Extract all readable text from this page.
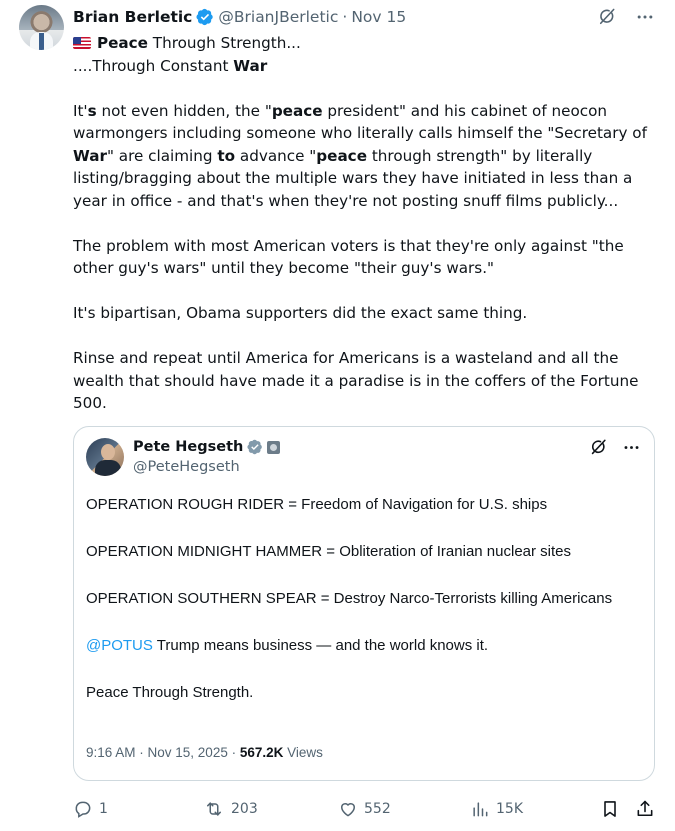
Brian Berletic @BrianJBerletic · Nov 15

Peace Through Strength...

....Through Constant War

It's not even hidden, the "peace president" and his cabinet of neocon warmongers including someone who literally calls himself the "Secretary of War" are claiming to advance "peace through strength" by literally listing/bragging about the multiple wars they have initiated in less than a year in office - and that's when they're not posting snuff films publicly...

The problem with most American voters is that they're only against "the other guy's wars" until they become "their guy's wars."

It's bipartisan, Obama supporters did the exact same thing.

Rinse and repeat until America for Americans is a wasteland and all the wealth that should have made it a paradise is in the coffers of the Fortune 500.

Pete Hegseth
@PeteHegseth

OPERATION ROUGH RIDER = Freedom of Navigation for U.S. ships

OPERATION MIDNIGHT HAMMER = Obliteration of Iranian nuclear sites

OPERATION SOUTHERN SPEAR = Destroy Narco-Terrorists killing Americans

@POTUS Trump means business — and the world knows it.

Peace Through Strength.

9:16 AM · Nov 15, 2025 · 567.2K Views
1	203	552	15K
